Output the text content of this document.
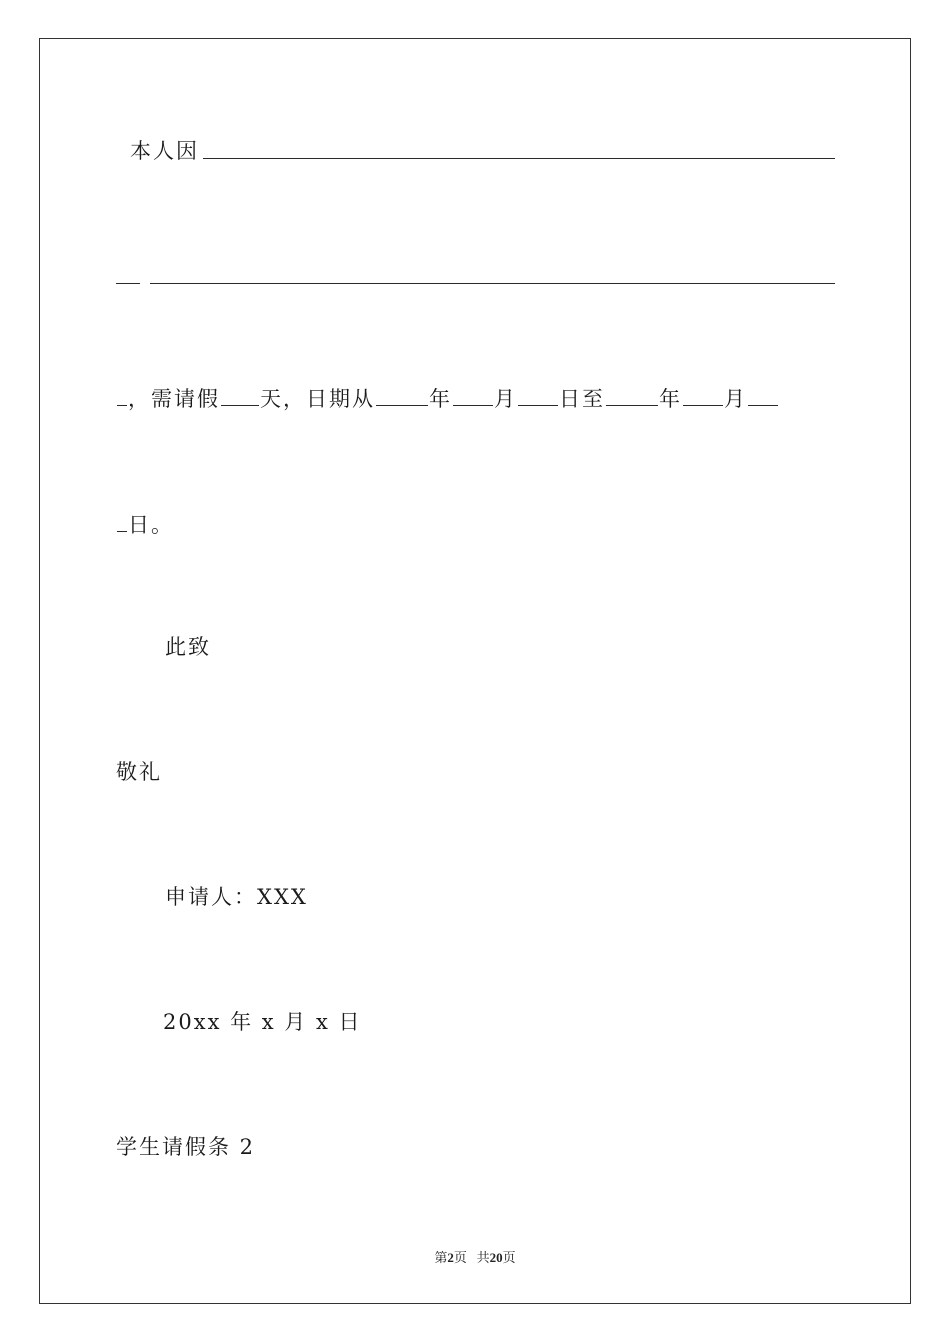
本人因
，需请假 天，日期从	年 月 日至	年 月
日。
此致
敬礼
申请人：XXX
20xx 年 x 月 x 日
学生请假条 2
第2页 共20页
